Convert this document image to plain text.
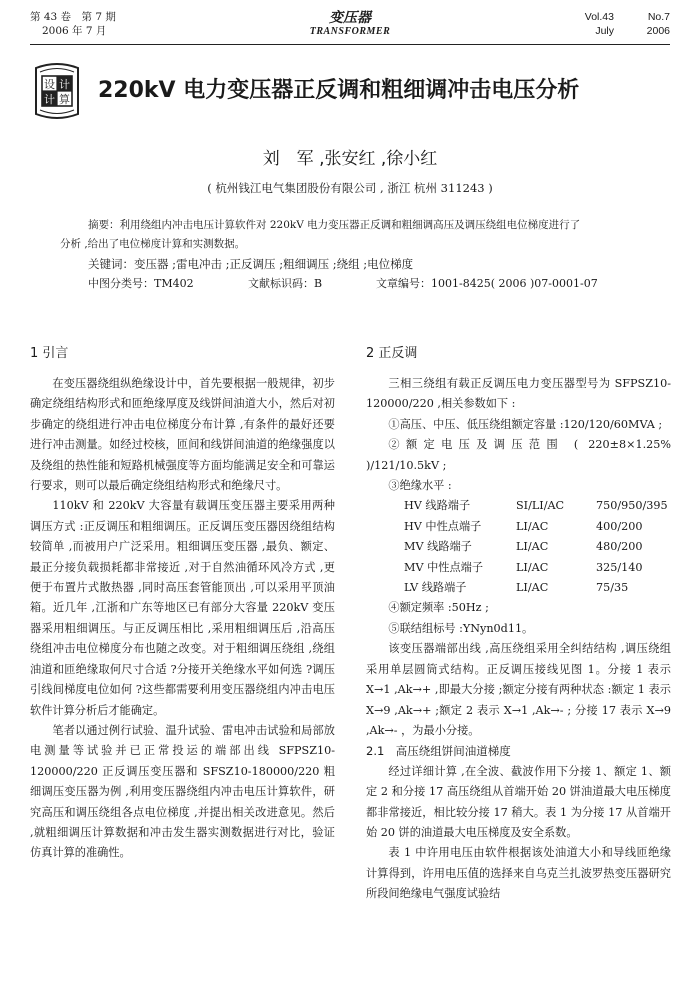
第 43 卷　第 7 期
2006 年 7 月
变压器
TRANSFORMER
Vol.43	No.7
July	2006
设 计
计 算 220kV 电力变压器正反调和粗细调冲击电压分析
刘　军 ,张安红 ,徐小红
( 杭州钱江电气集团股份有限公司 , 浙江 杭州 311243 )

摘要：利用绕组内冲击电压计算软件对 220kV 电力变压器正反调和粗细调高压及调压绕组电位梯度进行了

分析 ,给出了电位梯度计算和实测数据。

关键词 ：变压器 ;雷电冲击 ;正反调压 ;粗细调压 ;绕组 ;电位梯度
中图分类号：TM402	文献标识码：B	文章编号：1001-8425( 2006 )07-0001-07
1 引言

在变压器绕组纵绝缘设计中，首先要根据一般规律，初步确定绕组结构形式和匝绝缘厚度及线饼间油道大小，然后对初步确定的绕组进行冲击电位梯度分布计算 ,有条件的最好还要进行冲击测量。如经过校核，匝间和线饼间油道的绝缘强度以及绕组的热性能和短路机械强度等方面均能满足安全和可靠运行要求，则可以最后确定绕组结构形式和绝缘尺寸。

110kV 和 220kV 大容量有载调压变压器主要采用两种调压方式 :正反调压和粗细调压。正反调压变压器因绕组结构较简单 ,而被用户广泛采用。粗细调压变压器 ,最负、额定、最正分接负载损耗都非常接近 ,对于自然油循环风冷方式 ,更便于布置片式散热器 ,同时高压套管能顶出 ,可以采用平顶油箱。近几年 ,江浙和广东等地区已有部分大容量 220kV 变压器采用粗细调压。与正反调压相比 ,采用粗细调压后 ,沿高压绕组冲击电位梯度分布也随之改变。对于粗细调压绕组 ,绕组油道和匝绝缘取何尺寸合适 ?分接开关绝缘水平如何选 ?调压引线间梯度电位如何 ?这些都需要利用变压器绕组内冲击电压软件计算分析后才能确定。

笔者以通过例行试验、温升试验、雷电冲击试验和局部放电测量等试验并已正常投运的端部出线 SFPSZ10-120000/220 正反调压变压器和 SFSZ10-180000/220 粗细调压变压器为例 ,利用变压器绕组内冲击电压计算软件，研究高压和调压绕组各点电位梯度 ,并提出相关改进意见。然后 ,就粗细调压计算数据和冲击发生器实测数据进行对比，验证仿真计算的准确性。

2 正反调

三相三绕组有载正反调压电力变压器型号为 SFPSZ10-120000/220 ,相关参数如下 :

①高压、中压、低压绕组额定容量 :120/120/60MVA ;

②额定电压及调压范围 ( 220±8×1.25% )/121/10.5kV ;

③绝缘水平 :

HV 线路端子	SI/LI/AC	750/950/395
HV 中性点端子	LI/AC	400/200
MV 线路端子	LI/AC	480/200
MV 中性点端子	LI/AC	325/140
LV 线路端子	LI/AC	75/35

④额定频率 :50Hz ;

⑤联结组标号 :YNyn0d11。

该变压器端部出线 ,高压绕组采用全纠结结构 ,调压绕组采用单层圆筒式结构。正反调压接线见图 1。分接 1 表示 X→1 ,Ak→+ ,即最大分接 ;额定分接有两种状态 :额定 1 表示 X→9 ,Ak→+ ;额定 2 表示 X→1 ,Ak→- ; 分接 17 表示 X→9 ,Ak→- ，为最小分接。

2.1　高压绕组饼间油道梯度

经过详细计算 ,在全波、截波作用下分接 1、额定 1、额定 2 和分接 17 高压绕组从首端开始 20 饼油道最大电压梯度都非常接近，相比较分接 17 稍大。表 1 为分接 17 从首端开始 20 饼的油道最大电压梯度及安全系数。

表 1 中许用电压由软件根据该处油道大小和导线匝绝缘计算得到，许用电压值的选择来自乌克兰扎波罗热变压器研究所段间绝缘电气强度试验结
